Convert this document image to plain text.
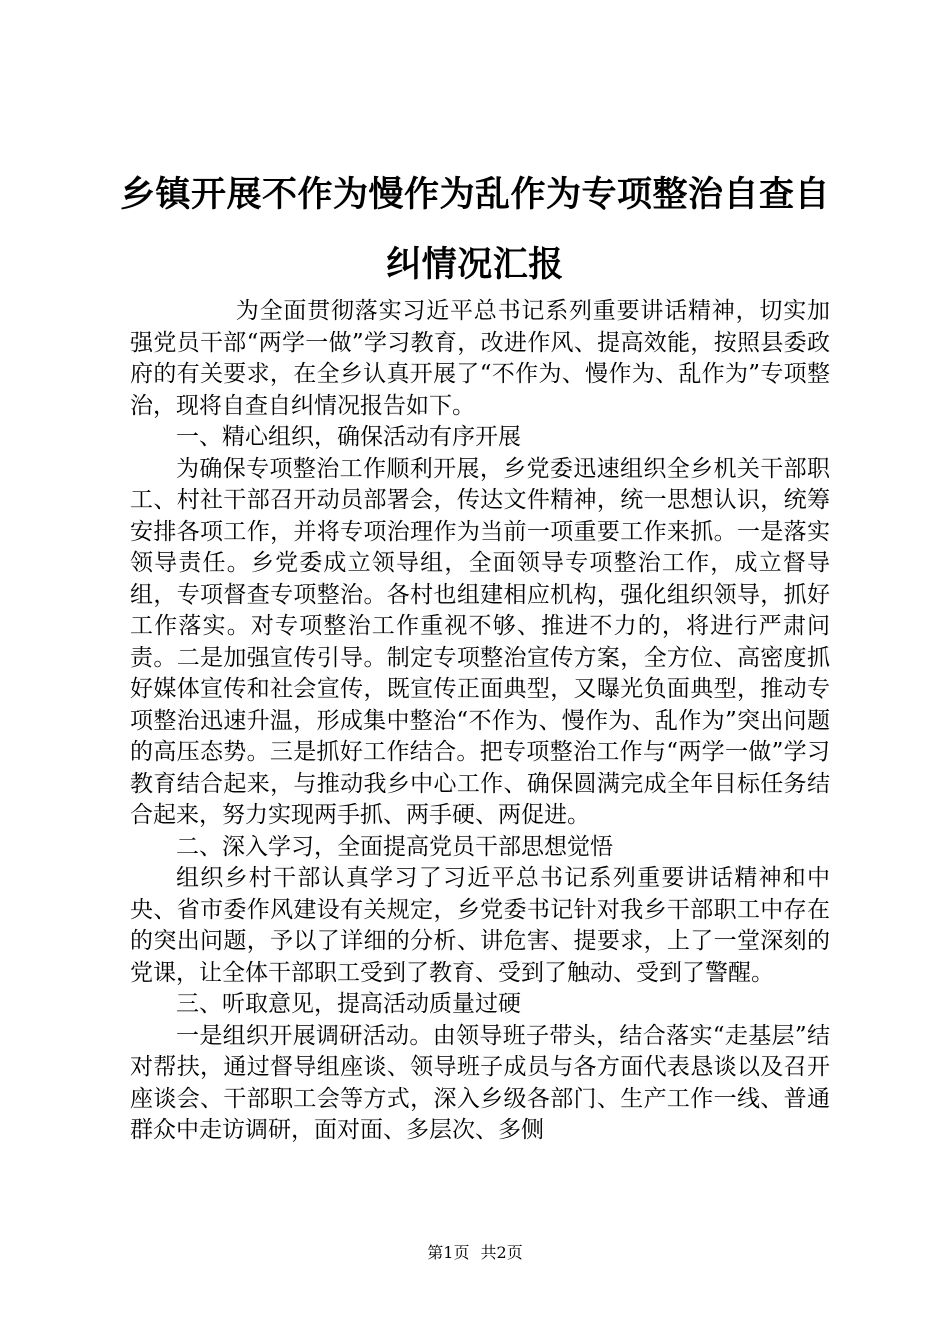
乡镇开展不作为慢作为乱作为专项整治自查自纠情况汇报

为全面贯彻落实习近平总书记系列重要讲话精神，切实加强党员干部“两学一做”学习教育，改进作风、提高效能，按照县委政府的有关要求，在全乡认真开展了“不作为、慢作为、乱作为”专项整治，现将自查自纠情况报告如下。

一、精心组织，确保活动有序开展

为确保专项整治工作顺利开展，乡党委迅速组织全乡机关干部职工、村社干部召开动员部署会，传达文件精神，统一思想认识，统筹安排各项工作，并将专项治理作为当前一项重要工作来抓。一是落实领导责任。乡党委成立领导组，全面领导专项整治工作，成立督导组，专项督查专项整治。各村也组建相应机构，强化组织领导，抓好工作落实。对专项整治工作重视不够、推进不力的，将进行严肃问责。二是加强宣传引导。制定专项整治宣传方案，全方位、高密度抓好媒体宣传和社会宣传，既宣传正面典型，又曝光负面典型，推动专项整治迅速升温，形成集中整治“不作为、慢作为、乱作为”突出问题的高压态势。三是抓好工作结合。把专项整治工作与“两学一做”学习教育结合起来，与推动我乡中心工作、确保圆满完成全年目标任务结合起来，努力实现两手抓、两手硬、两促进。

二、深入学习，全面提高党员干部思想觉悟

组织乡村干部认真学习了习近平总书记系列重要讲话精神和中央、省市委作风建设有关规定，乡党委书记针对我乡干部职工中存在的突出问题，予以了详细的分析、讲危害、提要求，上了一堂深刻的党课，让全体干部职工受到了教育、受到了触动、受到了警醒。

三、听取意见，提高活动质量过硬

一是组织开展调研活动。由领导班子带头，结合落实“走基层”结对帮扶，通过督导组座谈、领导班子成员与各方面代表恳谈以及召开座谈会、干部职工会等方式，深入乡级各部门、生产工作一线、普通群众中走访调研，面对面、多层次、多侧

第1页 共2页
